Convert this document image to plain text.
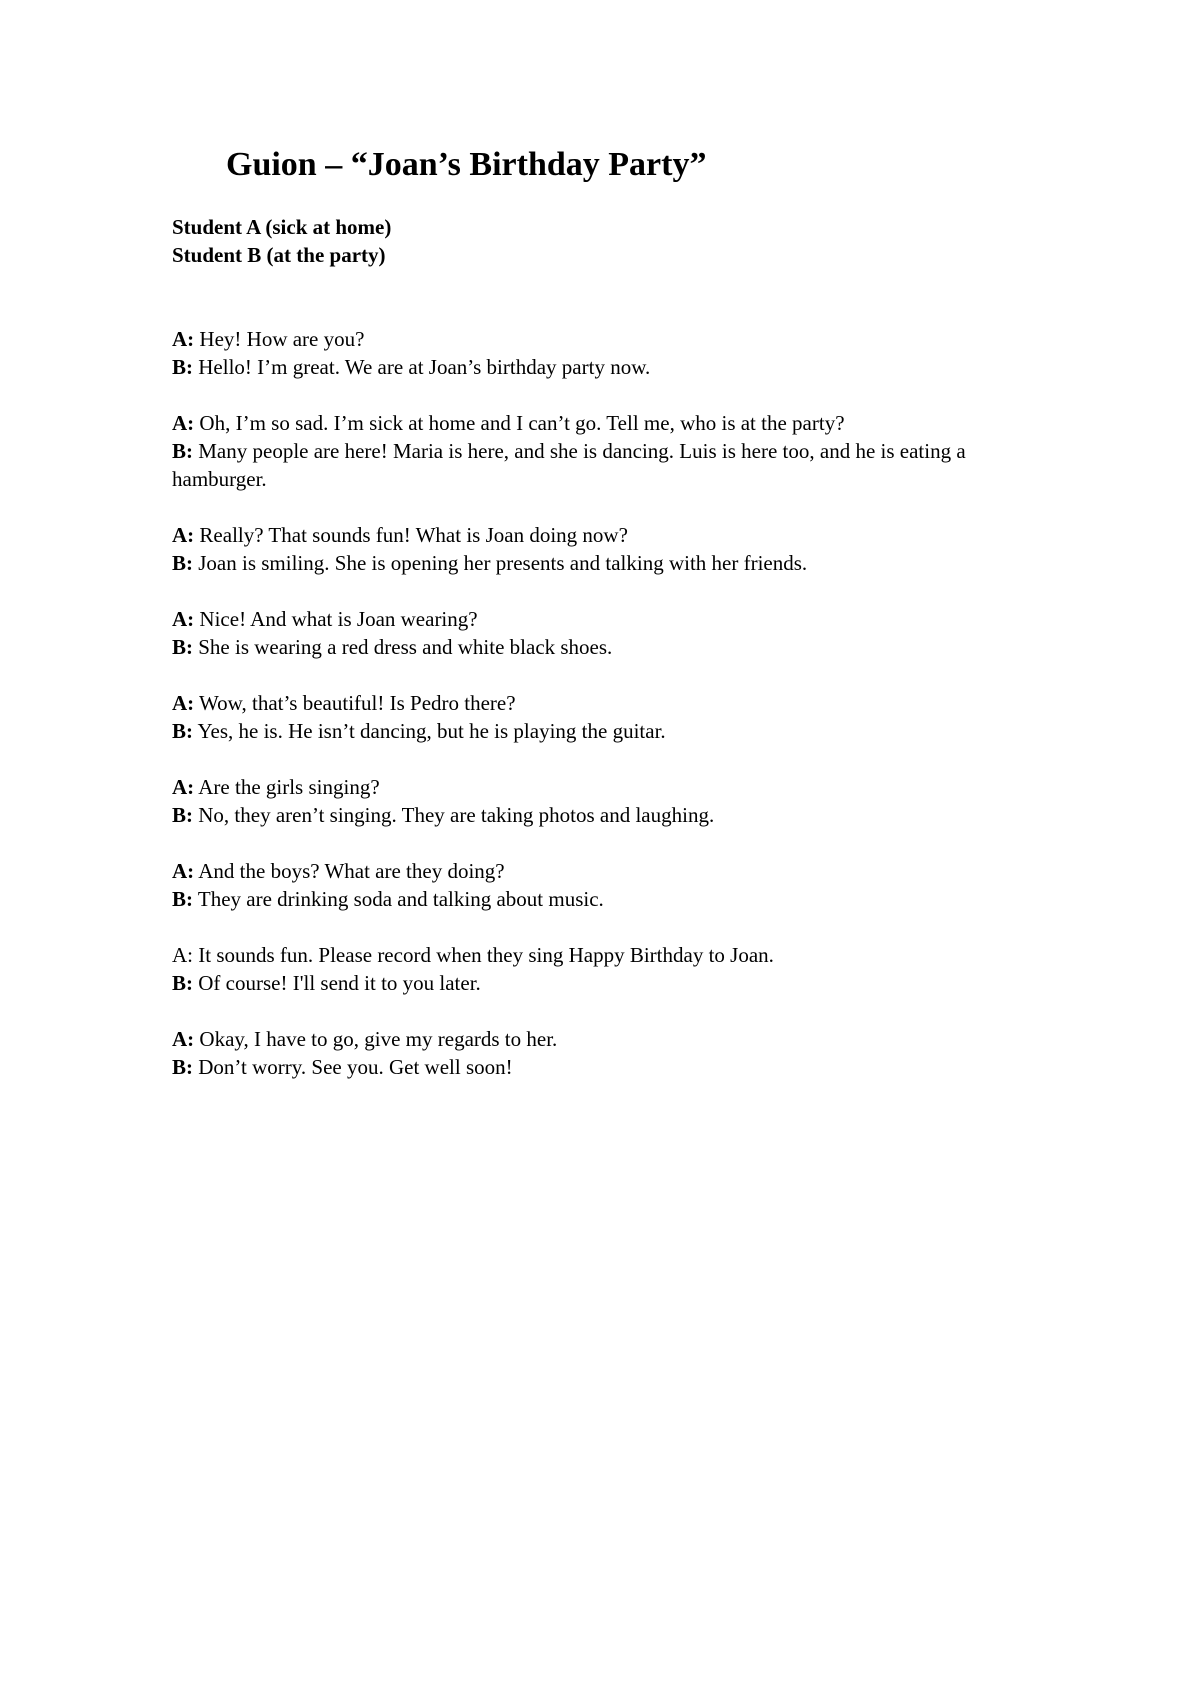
Guion – “Joan’s Birthday Party”
Student A (sick at home)
Student B (at the party)
A: Hey! How are you?
B: Hello! I’m great. We are at Joan’s birthday party now.
A: Oh, I’m so sad. I’m sick at home and I can’t go. Tell me, who is at the party?
B: Many people are here! Maria is here, and she is dancing. Luis is here too, and he is eating a hamburger.
A: Really? That sounds fun! What is Joan doing now?
B: Joan is smiling. She is opening her presents and talking with her friends.
A: Nice! And what is Joan wearing?
B: She is wearing a red dress and white black shoes.
A: Wow, that’s beautiful! Is Pedro there?
B: Yes, he is. He isn’t dancing, but he is playing the guitar.
A: Are the girls singing?
B: No, they aren’t singing. They are taking photos and laughing.
A: And the boys? What are they doing?
B: They are drinking soda and talking about music.
A: It sounds fun. Please record when they sing Happy Birthday to Joan.
B: Of course! I'll send it to you later.
A: Okay, I have to go, give my regards to her.
B: Don’t worry. See you. Get well soon!
